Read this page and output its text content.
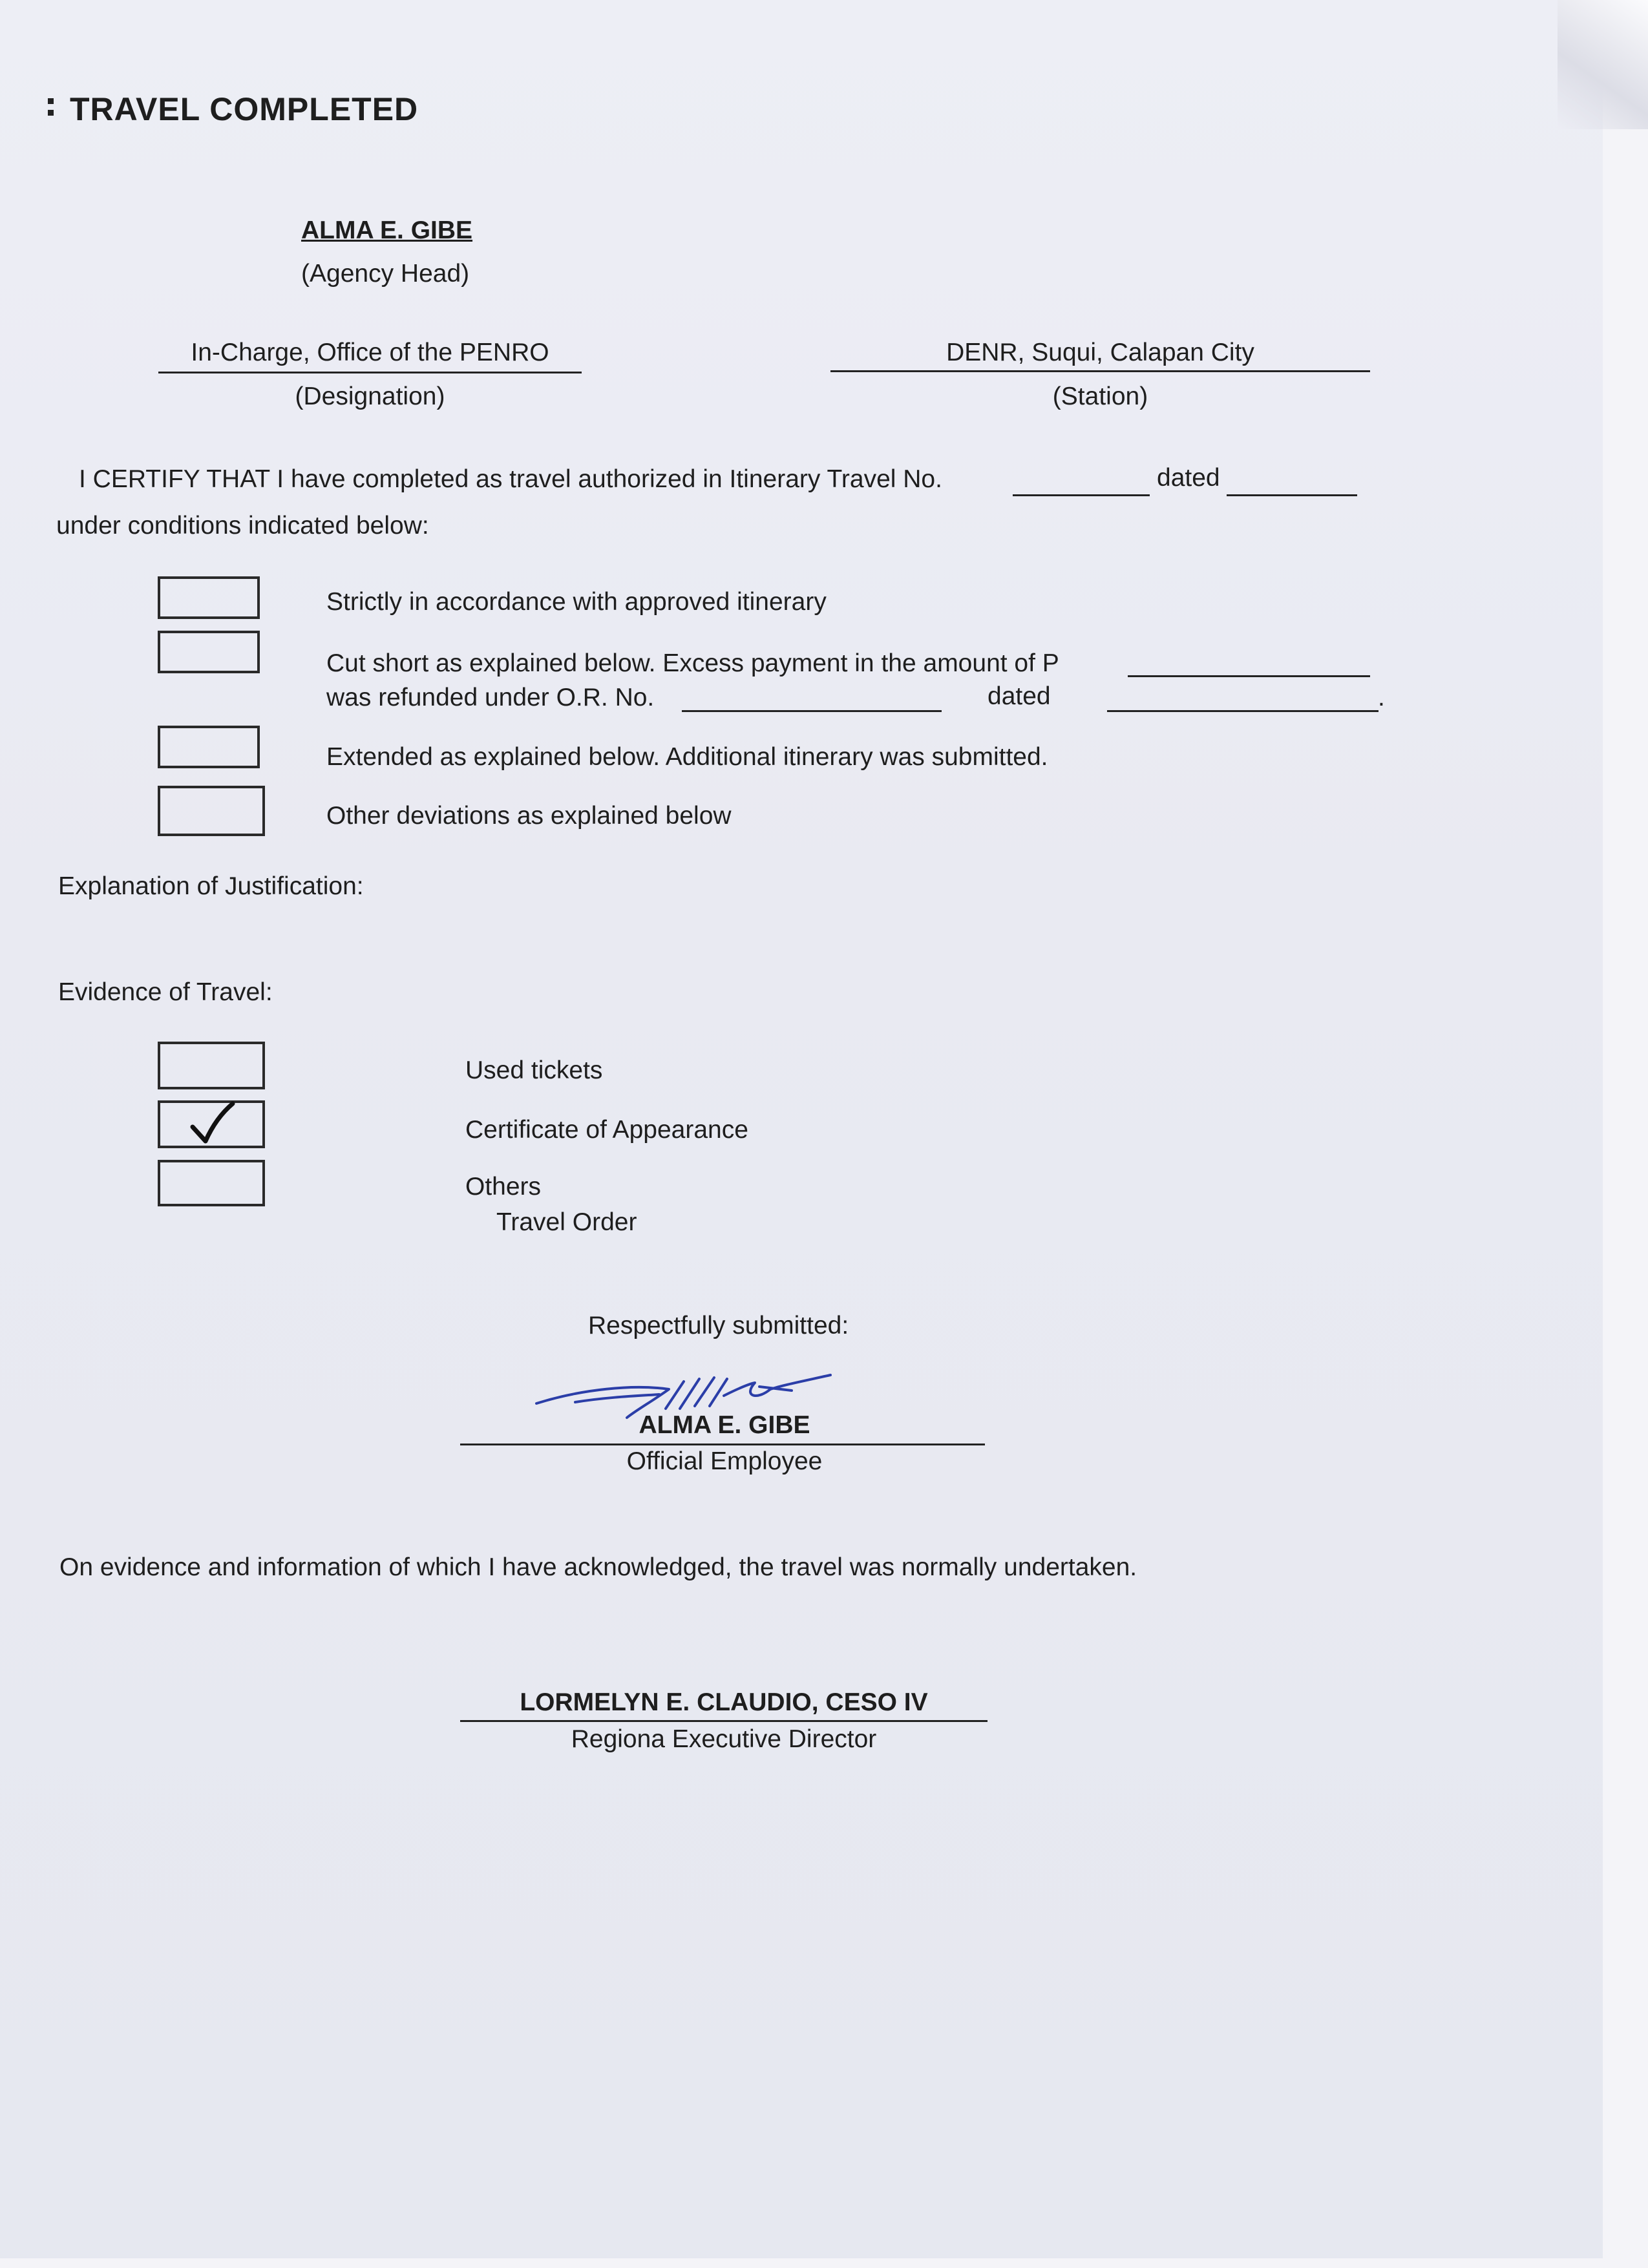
TRAVEL COMPLETED
ALMA E. GIBE
(Agency Head)
In-Charge, Office of the PENRO
(Designation)
DENR, Suqui, Calapan City
(Station)
I CERTIFY THAT I have completed as travel authorized in Itinerary Travel No.	dated
under conditions indicated below:
Strictly in accordance with approved itinerary
Cut short as explained below. Excess payment in the amount of P
was refunded under O.R. No.	dated	.
Extended as explained below. Additional itinerary was submitted.
Other deviations as explained below
Explanation of Justification:
Evidence of Travel:
Used tickets
Certificate of Appearance
Others
Travel Order
Respectfully submitted:
ALMA E. GIBE
Official Employee
On evidence and information of which I have acknowledged, the travel was normally undertaken.
LORMELYN E. CLAUDIO, CESO IV
Regiona Executive Director
